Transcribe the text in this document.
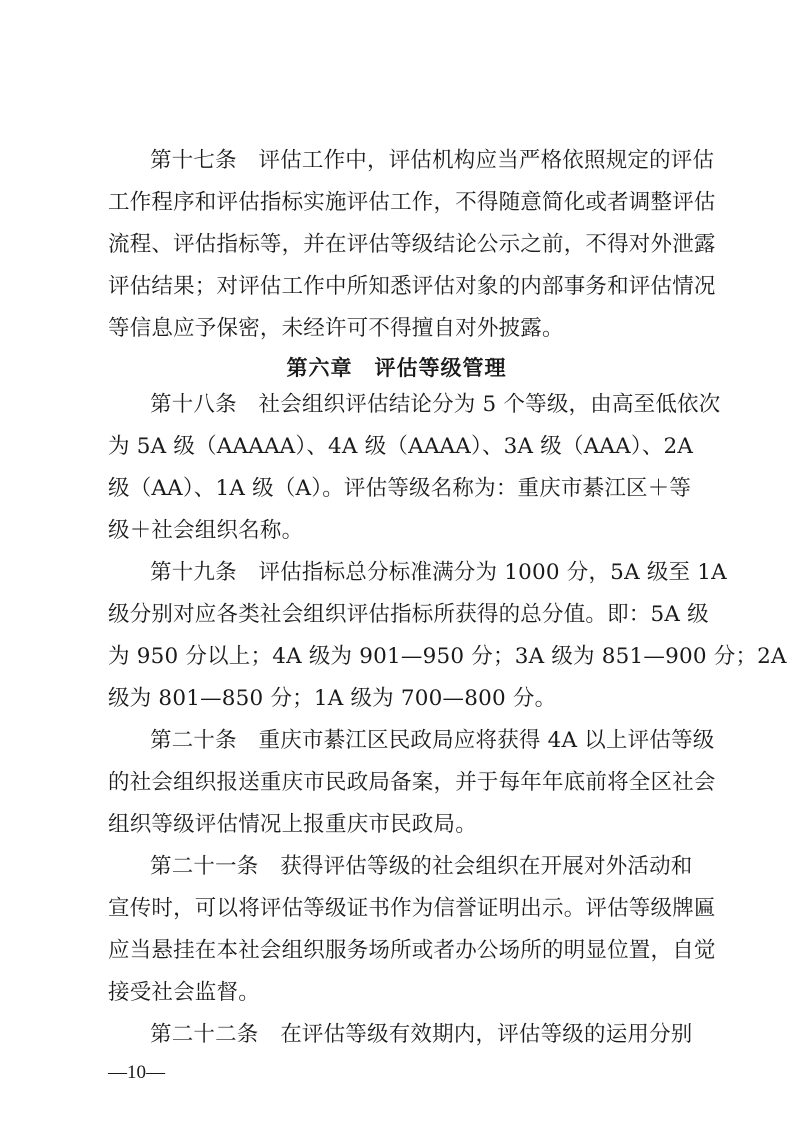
第十七条　评估工作中，评估机构应当严格依照规定的评估
工作程序和评估指标实施评估工作，不得随意简化或者调整评估
流程、评估指标等，并在评估等级结论公示之前，不得对外泄露
评估结果；对评估工作中所知悉评估对象的内部事务和评估情况
等信息应予保密，未经许可不得擅自对外披露。
第六章　评估等级管理
第十八条　社会组织评估结论分为 5 个等级，由高至低依次
为 5A 级（AAAAA）、4A 级（AAAA）、3A 级（AAA）、2A
级（AA）、1A 级（A）。评估等级名称为：重庆市綦江区＋等
级＋社会组织名称。
第十九条　评估指标总分标准满分为 1000 分，5A 级至 1A
级分别对应各类社会组织评估指标所获得的总分值。即：5A 级
为 950 分以上；4A 级为 901—950 分；3A 级为 851—900 分；2A
级为 801—850 分；1A 级为 700—800 分。
第二十条　重庆市綦江区民政局应将获得 4A 以上评估等级
的社会组织报送重庆市民政局备案，并于每年年底前将全区社会
组织等级评估情况上报重庆市民政局。
第二十一条　获得评估等级的社会组织在开展对外活动和
宣传时，可以将评估等级证书作为信誉证明出示。评估等级牌匾
应当悬挂在本社会组织服务场所或者办公场所的明显位置，自觉
接受社会监督。
第二十二条　在评估等级有效期内，评估等级的运用分别
—10—
